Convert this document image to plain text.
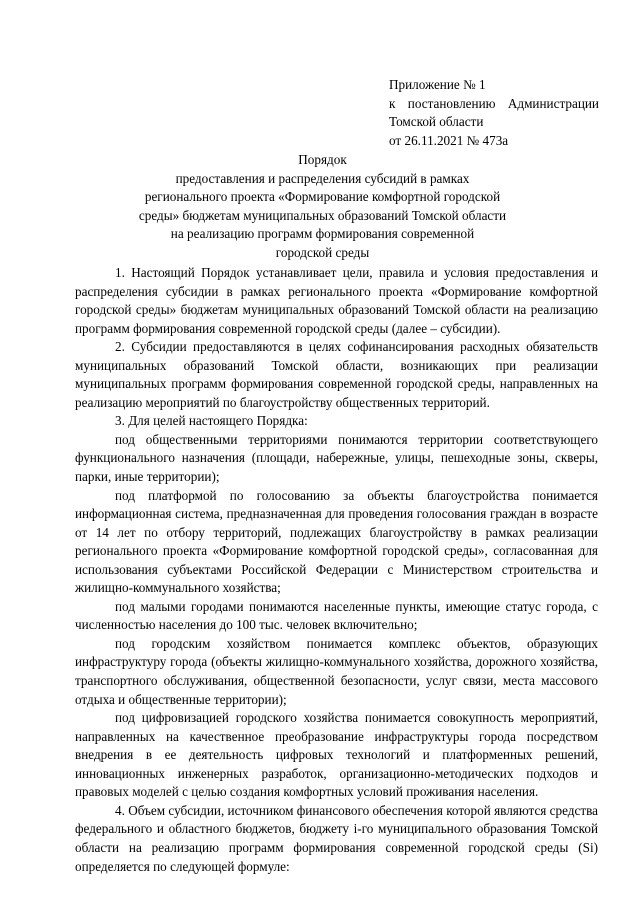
Приложение № 1
к постановлению Администрации
Томской области
от 26.11.2021 № 473а
Порядок
предоставления и распределения субсидий в рамках
регионального проекта «Формирование комфортной городской
среды» бюджетам муниципальных образований Томской области
на реализацию программ формирования современной
городской среды

1. Настоящий Порядок устанавливает цели, правила и условия предоставления и распределения субсидии в рамках регионального проекта «Формирование комфортной городской среды» бюджетам муниципальных образований Томской области на реализацию программ формирования современной городской среды (далее – субсидии).

2. Субсидии предоставляются в целях софинансирования расходных обязательств муниципальных образований Томской области, возникающих при реализации муниципальных программ формирования современной городской среды, направленных на реализацию мероприятий по благоустройству общественных территорий.

3. Для целей настоящего Порядка:

под общественными территориями понимаются территории соответствующего функционального назначения (площади, набережные, улицы, пешеходные зоны, скверы, парки, иные территории);

под платформой по голосованию за объекты благоустройства понимается информационная система, предназначенная для проведения голосования граждан в возрасте от 14 лет по отбору территорий, подлежащих благоустройству в рамках реализации регионального проекта «Формирование комфортной городской среды», согласованная для использования субъектами Российской Федерации с Министерством строительства и жилищно-коммунального хозяйства;

под малыми городами понимаются населенные пункты, имеющие статус города, с численностью населения до 100 тыс. человек включительно;

под городским хозяйством понимается комплекс объектов, образующих инфраструктуру города (объекты жилищно-коммунального хозяйства, дорожного хозяйства, транспортного обслуживания, общественной безопасности, услуг связи, места массового отдыха и общественные территории);

под цифровизацией городского хозяйства понимается совокупность мероприятий, направленных на качественное преобразование инфраструктуры города посредством внедрения в ее деятельность цифровых технологий и платформенных решений, инновационных инженерных разработок, организационно-методических подходов и правовых моделей с целью создания комфортных условий проживания населения.

4. Объем субсидии, источником финансового обеспечения которой являются средства федерального и областного бюджетов, бюджету i-го муниципального образования Томской области на реализацию программ формирования современной городской среды (Si) определяется по следующей формуле:
